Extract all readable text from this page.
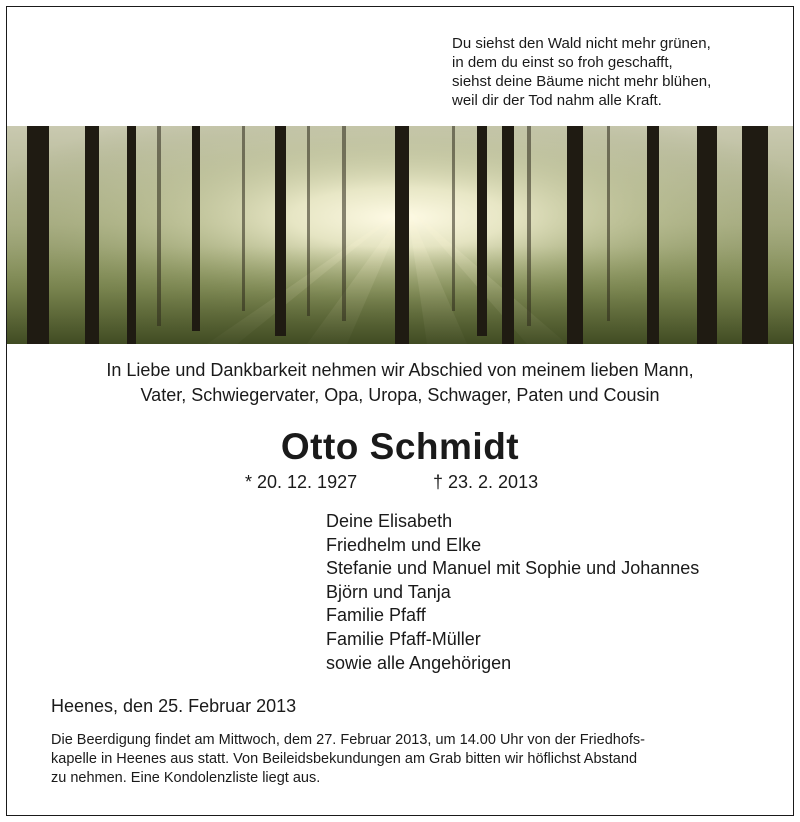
Du siehst den Wald nicht mehr grünen,
in dem du einst so froh geschafft,
siehst deine Bäume nicht mehr blühen,
weil dir der Tod nahm alle Kraft.
In Liebe und Dankbarkeit nehmen wir Abschied von meinem lieben Mann,
Vater, Schwiegervater, Opa, Uropa, Schwager, Paten und Cousin
Otto Schmidt
* 20. 12. 1927	† 23. 2. 2013
Deine Elisabeth
Friedhelm und Elke
Stefanie und Manuel mit Sophie und Johannes
Björn und Tanja
Familie Pfaff
Familie Pfaff-Müller
sowie alle Angehörigen
Heenes, den 25. Februar 2013
Die Beerdigung findet am Mittwoch, dem 27. Februar 2013, um 14.00 Uhr von der Friedhofs-
kapelle in Heenes aus statt. Von Beileidsbekundungen am Grab bitten wir höflichst Abstand
zu nehmen. Eine Kondolenzliste liegt aus.
